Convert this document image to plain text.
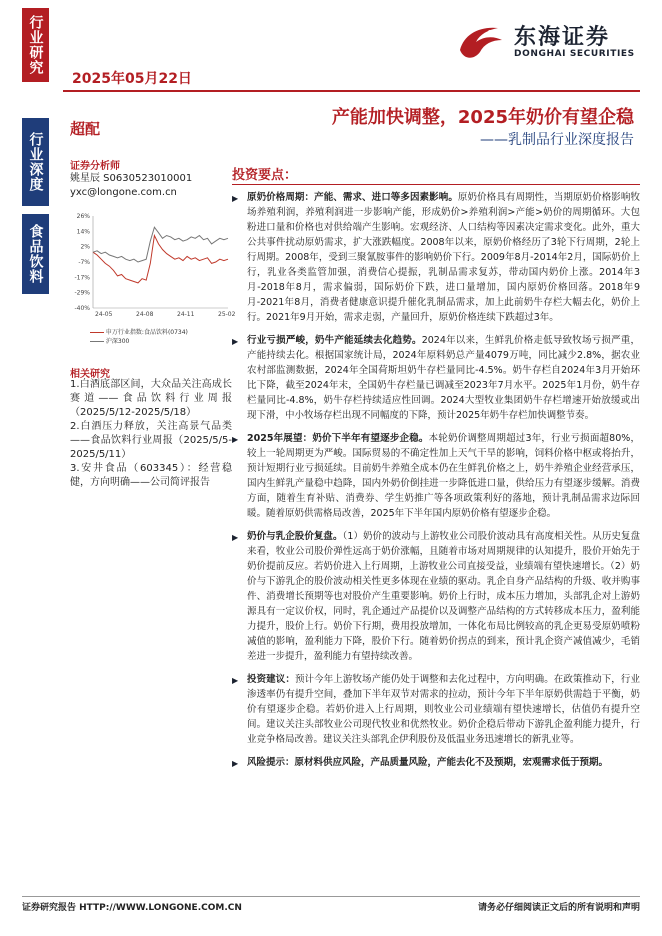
行业研究
行业深度
食品饮料
东海证券
DONGHAI SECURITIES
2025年05月22日
超配
产能加快调整，2025年奶价有望企稳
——乳制品行业深度报告
证券分析师
姚星辰 S0630523010001
yxc@longone.com.cn
26%
14%
2%
-7%
-17%
-29%
-40%
24-05	24-08	24-11	25-02
申万行业指数:食品饮料(0734)
沪深300
相关研究

1.白酒底部区间，大众品关注高成长赛道——食品饮料行业周报（2025/5/12-2025/5/18）

2.白酒压力释放，关注高景气品类——食品饮料行业周报（2025/5/5-2025/5/11）

3.安井食品（603345）：经营稳健，方向明确——公司简评报告

投资要点：
▶ 原奶价格周期：产能、需求、进口等多因素影响。原奶价格具有周期性，当期原奶价格影响牧场养殖利润，养殖利润进一步影响产能，形成奶价>养殖利润>产能>奶价的周期循环。大包粉进口量和价格也对供给端产生影响。宏观经济、人口结构等因素决定需求变化。此外，重大公共事件扰动原奶需求，扩大涨跌幅度。2008年以来，原奶价格经历了3轮下行周期，2轮上行周期。2008年，受到三聚氰胺事件的影响奶价下行。2009年8月-2014年2月，国际奶价上行，乳业各类监管加强，消费信心提振，乳制品需求复苏，带动国内奶价上涨。2014年3月-2018年8月，需求偏弱，国际奶价下跌，进口量增加，国内原奶价格回落。2018年9月-2021年8月，消费者健康意识提升催化乳制品需求，加上此前奶牛存栏大幅去化，奶价上行。2021年9月开始，需求走弱，产量回升，原奶价格连续下跌超过3年。
▶ 行业亏损严峻，奶牛产能延续去化趋势。2024年以来，生鲜乳价格走低导致牧场亏损严重，产能持续去化。根据国家统计局，2024年原料奶总产量4079万吨，同比减少2.8%，据农业农村部监测数据，2024年全国荷斯坦奶牛存栏量同比-4.5%。奶牛存栏自2024年3月开始环比下降，截至2024年末，全国奶牛存栏量已调减至2023年7月水平。2025年1月份，奶牛存栏量同比-4.8%，奶牛存栏持续适应性回调。2024大型牧业集团奶牛存栏增速开始放缓或出现下滑，中小牧场存栏出现不同幅度的下降，预计2025年奶牛存栏加快调整节奏。
▶ 2025年展望：奶价下半年有望逐步企稳。本轮奶价调整周期超过3年，行业亏损面超80%，较上一轮周期更为严峻。国际贸易的不确定性加上天气干旱的影响，饲料价格中枢或将抬升，预计短期行业亏损延续。目前奶牛养殖全成本仍在生鲜乳价格之上，奶牛养殖企业经营承压，国内生鲜乳产量稳中趋降，国内外奶价倒挂进一步降低进口量，供给压力有望逐步缓解。消费方面，随着生育补贴、消费券、学生奶推广等各项政策利好的落地，预计乳制品需求边际回暖。随着原奶供需格局改善，2025年下半年国内原奶价格有望逐步企稳。
▶ 奶价与乳企股价复盘。（1）奶价的波动与上游牧业公司股价波动具有高度相关性。从历史复盘来看，牧业公司股价弹性远高于奶价涨幅，且随着市场对周期规律的认知提升，股价开始先于奶价提前反应。若奶价进入上行周期，上游牧业公司直接受益，业绩端有望快速增长。（2）奶价与下游乳企的股价波动相关性更多体现在业绩的驱动。乳企自身产品结构的升级、收并购事件、消费增长预期等也对股价产生重要影响。奶价上行时，成本压力增加，头部乳企对上游奶源具有一定议价权，同时，乳企通过产品提价以及调整产品结构的方式转移成本压力，盈利能力提升，股价上行。奶价下行期，费用投放增加，一体化布局比例较高的乳企更易受原奶喷粉减值的影响，盈利能力下降，股价下行。随着奶价拐点的到来，预计乳企资产减值减少，毛销差进一步提升，盈利能力有望持续改善。
▶ 投资建议：预计今年上游牧场产能仍处于调整和去化过程中，方向明确。在政策推动下，行业渗透率仍有提升空间，叠加下半年双节对需求的拉动，预计今年下半年原奶供需趋于平衡，奶价有望逐步企稳。若奶价进入上行周期，则牧业公司业绩端有望快速增长，估值仍有提升空间。建议关注头部牧业公司现代牧业和优然牧业。奶价企稳后带动下游乳企盈利能力提升，行业竞争格局改善。建议关注头部乳企伊利股份及低温业务迅速增长的新乳业等。
▶ 风险提示：原材料供应风险，产品质量风险，产能去化不及预期，宏观需求低于预期。
证券研究报告 HTTP://WWW.LONGONE.COM.CN	请务必仔细阅读正文后的所有说明和声明
